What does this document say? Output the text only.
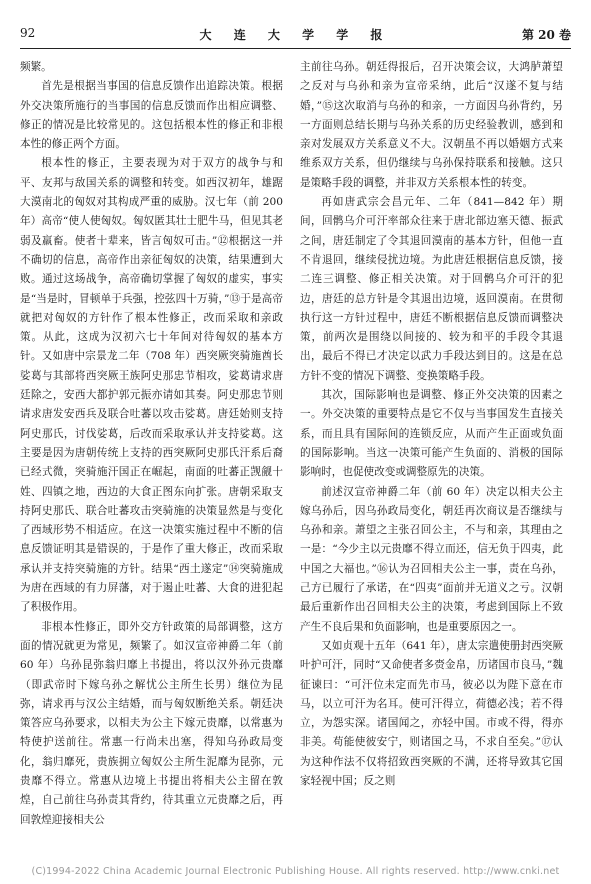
92	大 连 大 学 学 报	第 20 卷

频繁。

首先是根据当事国的信息反馈作出追踪决策。根据外交决策所施行的当事国的信息反馈而作出相应调整、修正的情况是比较常见的。这包括根本性的修正和非根本性的修正两个方面。

根本性的修正，主要表现为对于双方的战争与和平、友邦与敌国关系的调整和转变。如西汉初年，雄踞大漠南北的匈奴对其构成严重的威胁。汉七年（前 200 年）高帝“使人使匈奴。匈奴匿其壮士肥牛马，但见其老弱及羸畜。使者十辈来，皆言匈奴可击。”⑫根据这一并不确切的信息，高帝作出亲征匈奴的决策，结果遭到大败。通过这场战争，高帝确切掌握了匈奴的虚实，事实是“当是时，冒顿单于兵强，控弦四十万骑，”⑬于是高帝就把对匈奴的方针作了根本性修正，改而采取和亲政策。从此，这成为汉初六七十年间对待匈奴的基本方针。又如唐中宗景龙二年（708 年）西突厥突骑施酋长娑葛与其部将西突厥王族阿史那忠节相攻，娑葛请求唐廷除之，安西大都护郭元振亦请如其奏。阿史那忠节则请求唐发安西兵及联合吐蕃以攻击娑葛。唐廷始则支持阿史那氏，讨伐娑葛，后改而采取承认并支持娑葛。这主要是因为唐朝传统上支持的西突厥阿史那氏汗系后裔已经式微，突骑施汗国正在崛起，南面的吐蕃正觊觎十姓、四镇之地，西边的大食正图东向扩张。唐朝采取支持阿史那氏、联合吐蕃攻击突骑施的决策显然是与变化了西域形势不相适应。在这一决策实施过程中不断的信息反馈证明其是错误的，于是作了重大修正，改而采取承认并支持突骑施的方针。结果“西土遂定”⑭突骑施成为唐在西域的有力屏藩，对于遏止吐蕃、大食的进犯起了积极作用。

非根本性修正，即外交方针政策的局部调整，这方面的情况就更为常见，频繁了。如汉宣帝神爵二年（前 60 年）乌孙昆弥翁归靡上书提出，将以汉外孙元贵靡（即武帝时下嫁乌孙之解忧公主所生长男）继位为昆弥，请求再与汉公主结婚，而与匈奴断绝关系。朝廷决策答应乌孙要求，以相夫为公主下嫁元贵靡，以常惠为特使护送前往。常惠一行尚未出塞，得知乌孙政局变化，翁归靡死，贵族拥立匈奴公主所生泥靡为昆弥，元贵靡不得立。常惠从边境上书提出将相夫公主留在敦煌，自己前往乌孙责其背约，待其重立元贵靡之后，再回敦煌迎接相夫公

主前往乌孙。朝廷得报后，召开决策会议，大鸿胪萧望之反对与乌孙和亲为宣帝采纳，此后“汉遂不复与结婚，”⑮这次取消与乌孙的和亲，一方面因乌孙背约，另一方面则总结长期与乌孙关系的历史经验教训，感到和亲对发展双方关系意义不大。汉朝虽不再以婚姻方式来维系双方关系，但仍继续与乌孙保持联系和接触。这只是策略手段的调整，并非双方关系根本性的转变。

再如唐武宗会昌元年、二年（841—842 年）期间，回鹘乌介可汗率部众往来于唐北部边塞天德、振武之间，唐廷制定了令其退回漠南的基本方针，但他一直不肯退回，继续侵扰边境。为此唐廷根据信息反馈，接二连三调整、修正相关决策。对于回鹘乌介可汗的犯边，唐廷的总方针是令其退出边境，返回漠南。在贯彻执行这一方针过程中，唐廷不断根据信息反馈而调整决策，前两次是围绕以间接的、较为和平的手段令其退出，最后不得已才决定以武力手段达到目的。这是在总方针不变的情况下调整、变换策略手段。

其次，国际影响也是调整、修正外交决策的因素之一。外交决策的重要特点是它不仅与当事国发生直接关系，而且具有国际间的连锁反应，从而产生正面或负面的国际影响。当这一决策可能产生负面的、消极的国际影响时，也促使改变或调整原先的决策。

前述汉宣帝神爵二年（前 60 年）决定以相夫公主嫁乌孙后，因乌孙政局变化，朝廷再次商议是否继续与乌孙和亲。萧望之主张召回公主，不与和亲，其理由之一是：“今少主以元贵靡不得立而还，信无负于四夷，此中国之大福也。”⑯认为召回相夫公主一事，责在乌孙，己方已履行了承诺，在“四夷”面前并无道义之亏。汉朝最后重新作出召回相夫公主的决策，考虑到国际上不致产生不良后果和负面影响，也是重要原因之一。

又如贞观十五年（641 年），唐太宗遣使册封西突厥叶护可汗，同时“又命使者多赍金帛，历诸国市良马，”魏征谏曰：“可汗位未定而先市马，彼必以为陛下意在市马，以立可汗为名耳。使可汗得立，荷德必浅；若不得立，为怨实深。诸国闻之，亦轻中国。市或不得，得亦非美。苟能使彼安宁，则诸国之马，不求自至矣。”⑰认为这种作法不仅将招致西突厥的不满，还将导致其它国家轻视中国；反之则

(C)1994-2022 China Academic Journal Electronic Publishing House. All rights reserved. http://www.cnki.net
